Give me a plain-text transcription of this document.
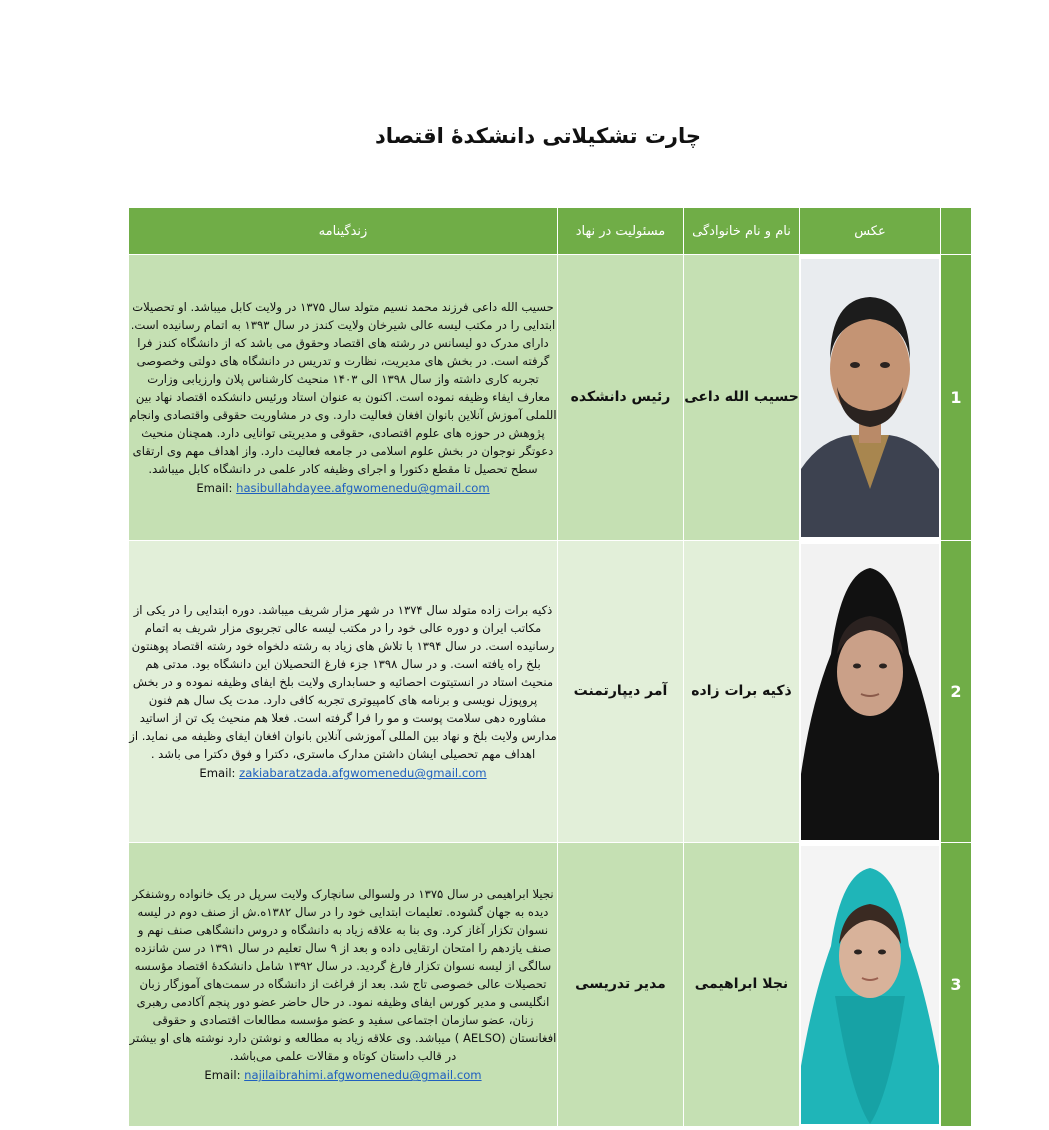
چارت تشکیلاتی دانشکدۀ اقتصاد
	عکس	نام و نام خانوادگی	مسئولیت در نهاد	زندگینامه
1		حسیب الله داعی	رئیس دانشکده	حسیب الله داعی فرزند محمد نسیم متولد سال ۱۳۷۵ در ولایت کابل میباشد. او تحصیلات ابتدایی را در مکتب لیسه عالی شیرخان ولایت کندز در سال ۱۳۹۳ به اتمام رسانیده است. دارای مدرک دو لیسانس در رشته های اقتصاد وحقوق می باشد که از دانشگاه کندز فرا گرفته است. در بخش های مدیریت، نظارت و تدریس در دانشگاه های دولتی وخصوصی تجربه کاری داشته واز سال ۱۳۹۸ الی ۱۴۰۳ منحیث کارشناس پلان وارزیابی وزارت معارف ایفاء وظیفه نموده است. اکنون به عنوان استاد ورئیس دانشکده اقتصاد نهاد بین اللملی آموزش آنلاین بانوان افغان فعالیت دارد. وی در مشاوریت حقوقی واقتصادی وانجام پژوهش در حوزه های علوم اقتصادی، حقوقی و مدیریتی توانایی دارد. همچنان منحیث دعوتگر نوجوان در بخش علوم اسلامی در جامعه فعالیت دارد. واز اهداف مهم وی ارتقای سطح تحصیل تا مقطع دکتورا و اجرای وظیفه کادر علمی در دانشگاه کابل میباشد.
Email: hasibullahdayee.afgwomenedu@gmail.com

2		ذکیه برات زاده	آمر دیپارتمنت	ذکیه برات زاده متولد سال ۱۳۷۴ در شهر مزار شریف میباشد. دوره ابتدایی را در یکی از مکاتب ایران و دوره عالی خود را در مکتب لیسه عالی تجربوی مزار شریف به اتمام رسانیده است. در سال ۱۳۹۴ با تلاش های زیاد به رشته دلخواه خود رشته اقتصاد پوهنتون بلخ راه یافته است. و در سال ۱۳۹۸ جزء فارغ التحصیلان این دانشگاه بود. مدتی هم منحیث استاد در انستیتوت احصائیه و حسابداری ولایت بلخ ایفای وظیفه نموده و در بخش پروپوزل نویسی و برنامه های کامپیوتری تجربه کافی دارد. مدت یک سال هم فنون مشاوره دهی سلامت پوست و مو را فرا گرفته است. فعلا هم منحیث یک تن از اساتید مدارس ولایت بلخ و نهاد بین المللی آموزشی آنلاین بانوان افغان ایفای وظیفه می نماید. از اهداف مهم تحصیلی ایشان داشتن مدارک ماستری، دکترا و فوق دکترا می باشد .
Email: zakiabaratzada.afgwomenedu@gmail.com

3		نجلا ابراهیمی	مدیر تدریسی	نجیلا ابراهیمی در سال ۱۳۷۵ در ولسوالی سانچارک ولایت سرپل در یک خانواده روشنفکر دیده به جهان گشوده. تعلیمات ابتدایی خود را در سال ۱۳۸۲ه.ش از صنف دوم در لیسه نسوان تکزار آغاز کرد. وی بنا به علاقه زیاد به دانشگاه و دروس دانشگاهی صنف نهم و صنف یازدهم را امتحان ارتقایی داده و بعد از ۹ سال تعلیم در سال ۱۳۹۱ در سن شانزده سالگی از لیسه نسوان تکزار فارغ گردید. در سال ۱۳۹۲ شامل دانشکدۀ اقتصاد مؤسسه تحصیلات عالی خصوصی تاج شد. بعد از فراغت از دانشگاه در سمت‌های آموزگار زبان انگلیسی و مدیر کورس ایفای وظیفه نمود. در حال حاضر عضو دور پنجم آکادمی رهبری زنان، عضو سازمان اجتماعی سفید و عضو مؤسسه مطالعات اقتصادی و حقوقی افغانستان (AELSO ) میباشد. وی علاقه زیاد به مطالعه و نوشتن دارد نوشته های او بیشتر در قالب داستان کوتاه و مقالات علمی می‌باشد.
Email: najilaibrahimi.afgwomenedu@gmail.com
